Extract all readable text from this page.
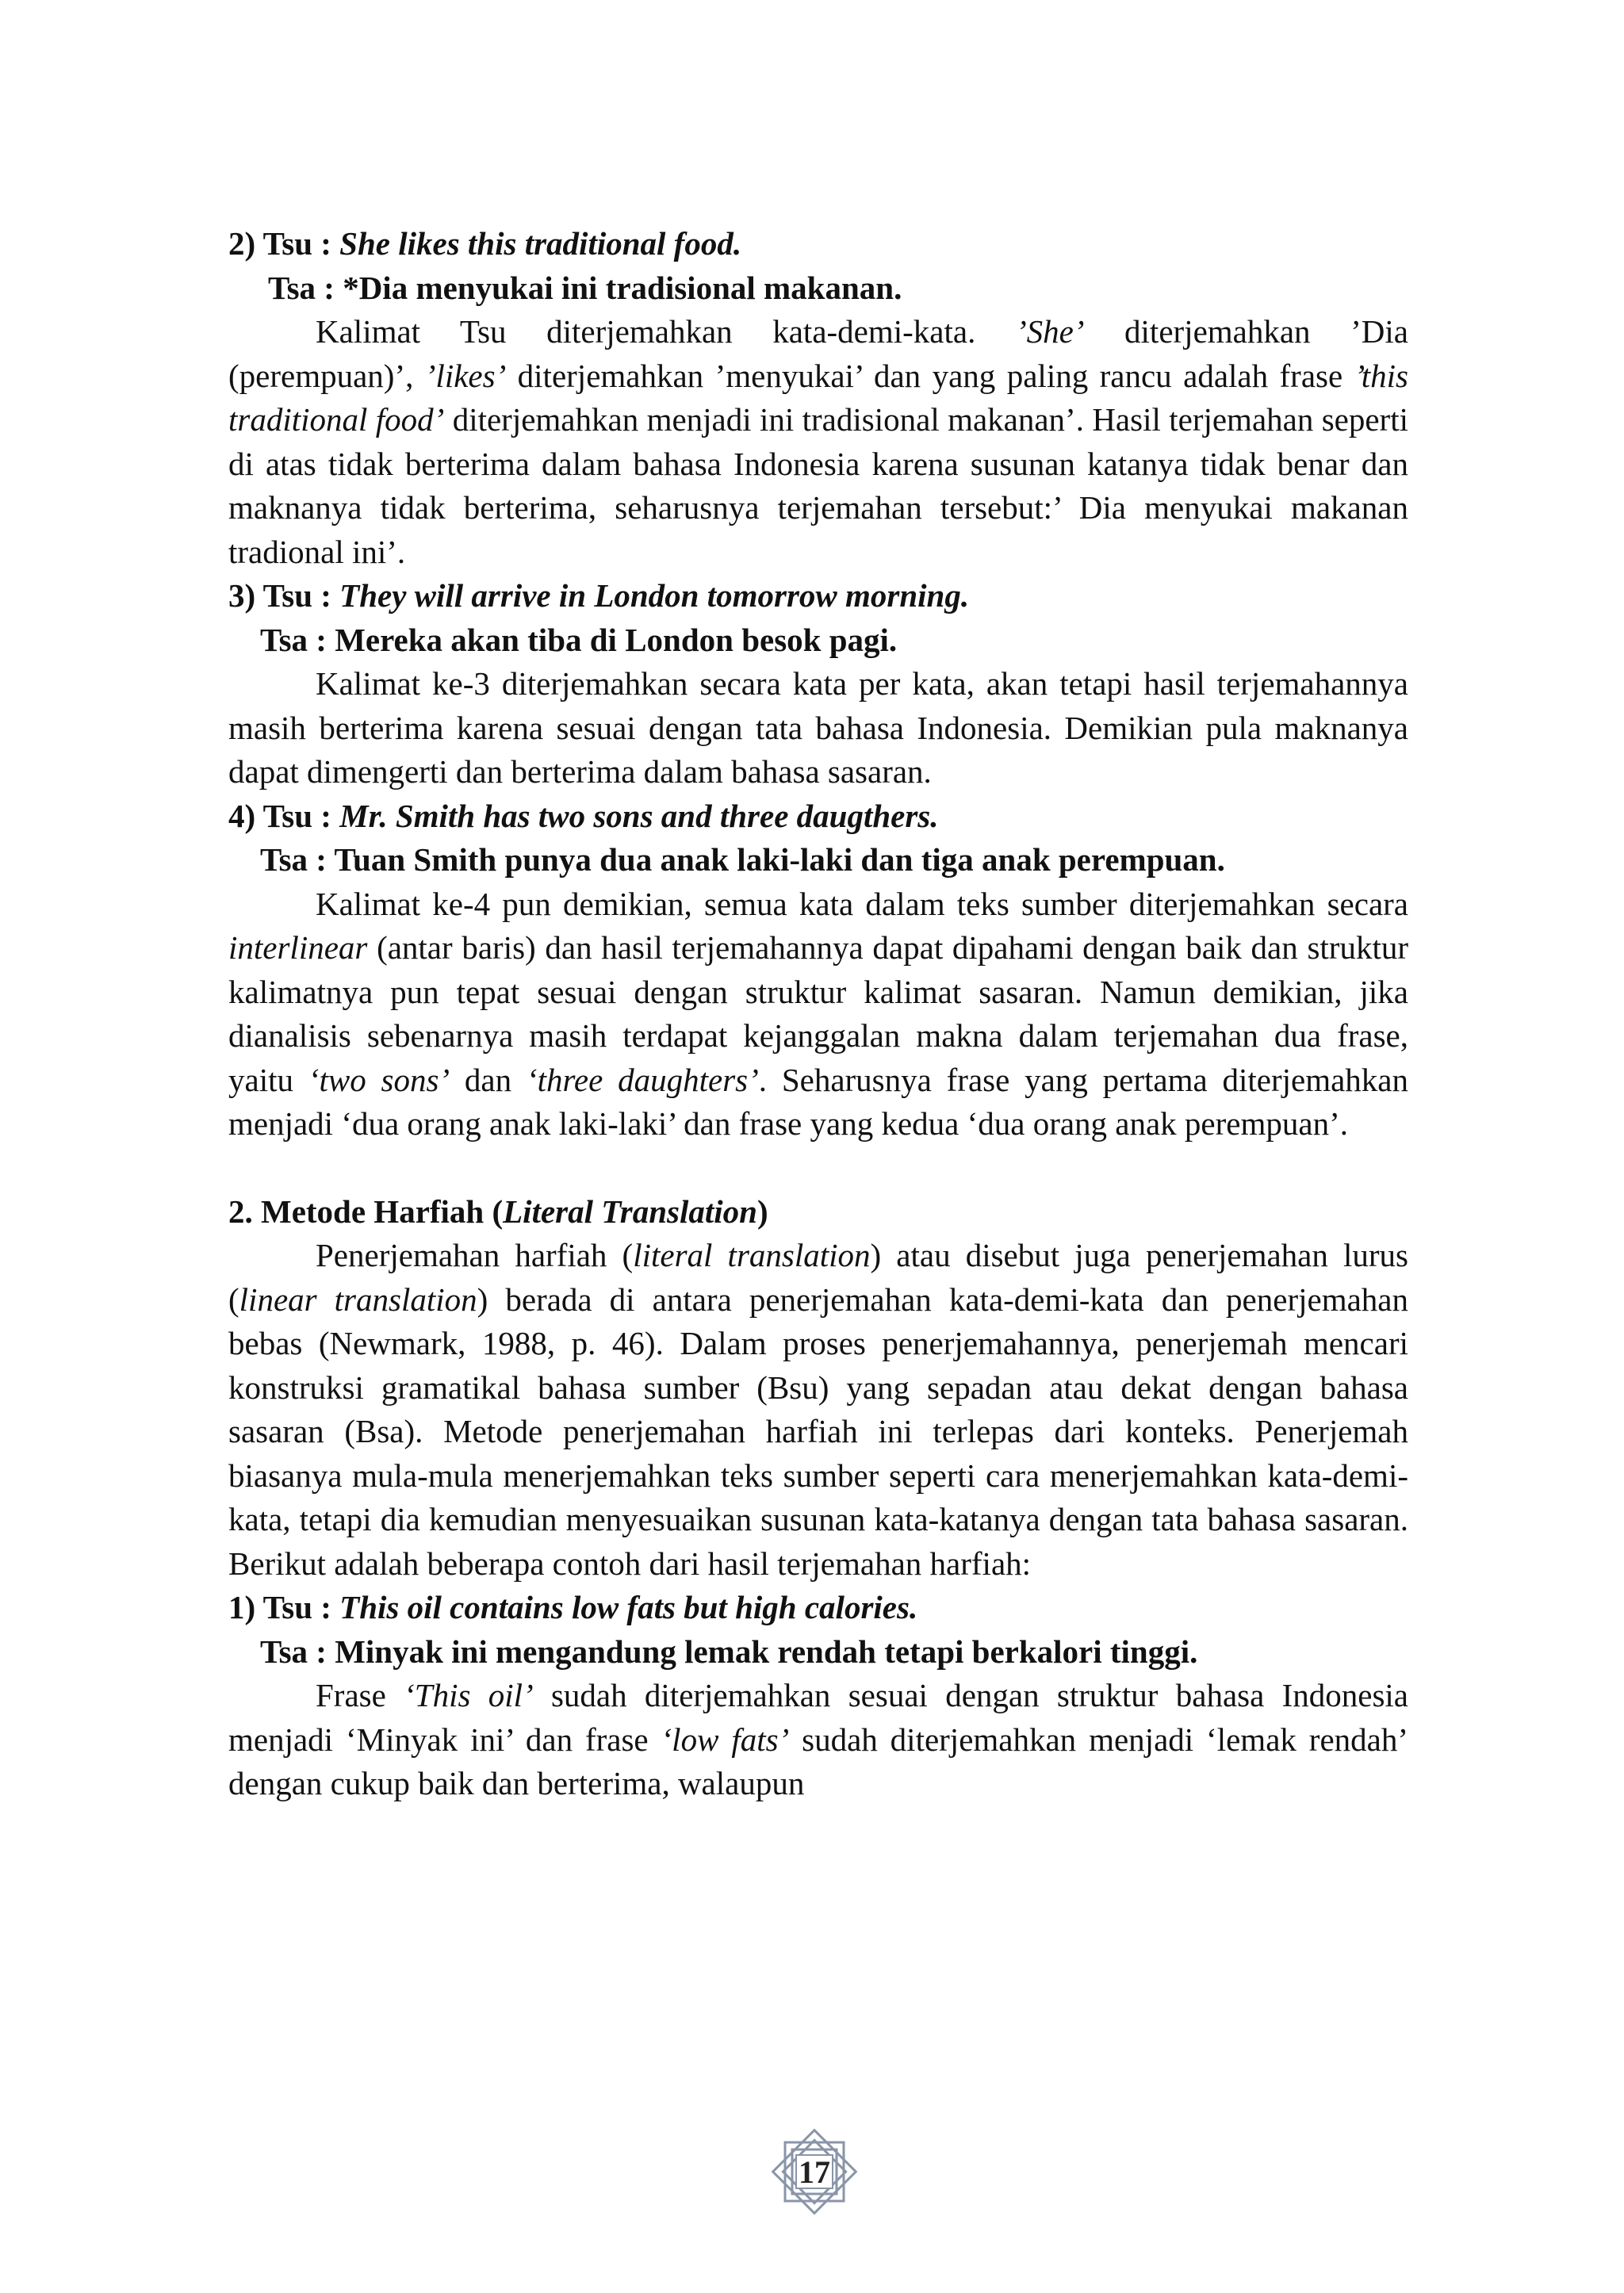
2) Tsu : She likes this traditional food.

Tsa : *Dia menyukai ini tradisional makanan.

Kalimat Tsu diterjemahkan kata-demi-kata. ’She’ diterjemahkan ’Dia (perempuan)’, ’likes’ diterjemahkan ’menyukai’ dan yang paling rancu adalah frase ’this traditional food’ diterjemahkan menjadi ini tradisional makanan’. Hasil terjemahan seperti di atas tidak berterima dalam bahasa Indonesia karena susunan katanya tidak benar dan maknanya tidak berterima, seharusnya terjemahan tersebut:’ Dia menyukai makanan tradional ini’.

3) Tsu : They will arrive in London tomorrow morning.

Tsa : Mereka akan tiba di London besok pagi.

Kalimat ke-3 diterjemahkan secara kata per kata, akan tetapi hasil terjemahannya masih berterima karena sesuai dengan tata bahasa Indonesia. Demikian pula maknanya dapat dimengerti dan berterima dalam bahasa sasaran.

4) Tsu : Mr. Smith has two sons and three daugthers.

Tsa : Tuan Smith punya dua anak laki-laki dan tiga anak perempuan.

Kalimat ke-4 pun demikian, semua kata dalam teks sumber diterjemahkan secara interlinear (antar baris) dan hasil terjemahannya dapat dipahami dengan baik dan struktur kalimatnya pun tepat sesuai dengan struktur kalimat sasaran. Namun demikian, jika dianalisis sebenarnya masih terdapat kejanggalan makna dalam terjemahan dua frase, yaitu ‘two sons’ dan ‘three daughters’. Seharusnya frase yang pertama diterjemahkan menjadi ‘dua orang anak laki-laki’ dan frase yang kedua ‘dua orang anak perempuan’.

2. Metode Harfiah (Literal Translation)

Penerjemahan harfiah (literal translation) atau disebut juga penerjemahan lurus (linear translation) berada di antara penerjemahan kata-demi-kata dan penerjemahan bebas (Newmark, 1988, p. 46). Dalam proses penerjemahannya, penerjemah mencari konstruksi gramatikal bahasa sumber (Bsu) yang sepadan atau dekat dengan bahasa sasaran (Bsa). Metode penerjemahan harfiah ini terlepas dari konteks. Penerjemah biasanya mula-mula menerjemahkan teks sumber seperti cara menerjemahkan kata-demi-kata, tetapi dia kemudian menyesuaikan susunan kata-katanya dengan tata bahasa sasaran. Berikut adalah beberapa contoh dari hasil terjemahan harfiah:

1) Tsu : This oil contains low fats but high calories.

Tsa : Minyak ini mengandung lemak rendah tetapi berkalori tinggi.

Frase ‘This oil’ sudah diterjemahkan sesuai dengan struktur bahasa Indonesia menjadi ‘Minyak ini’ dan frase ‘low fats’ sudah diterjemahkan menjadi ‘lemak rendah’ dengan cukup baik dan berterima, walaupun

17
